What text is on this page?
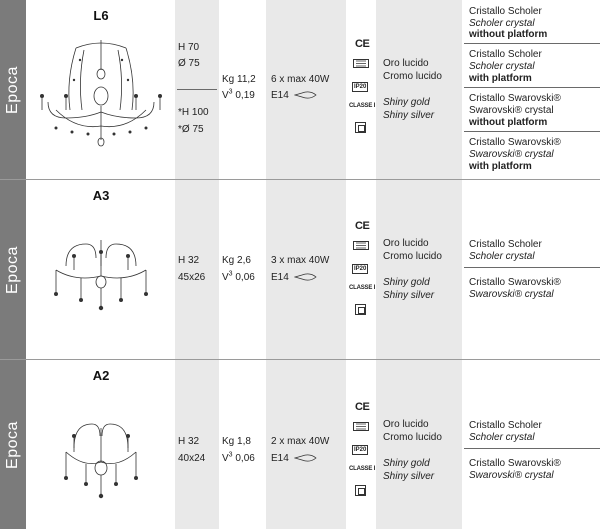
Epoca
L6
H 70
Ø 75
*H 100
*Ø 75
Kg 11,2
$V^3$ 0,19
6 x max 40W
E14
CE
IP20
CLASSE I
Oro lucido
Cromo lucido
Shiny gold
Shiny silver
Cristallo Scholer
Scholer crystal
without platform
Cristallo Scholer
Scholer crystal
with platform
Cristallo Swarovski®
Swarovski® crystal
without platform
Cristallo Swarovski®
Swarovski® crystal
with platform
Epoca
A3
H 32
45x26
Kg 2,6
$V^3$ 0,06
3 x max 40W
E14
CE
IP20
CLASSE I
Oro lucido
Cromo lucido
Shiny gold
Shiny silver
Cristallo Scholer
Scholer crystal
Cristallo Swarovski®
Swarovski® crystal
Epoca
A2
H 32
40x24
Kg 1,8
$V^3$ 0,06
2 x max 40W
E14
CE
IP20
CLASSE I
Oro lucido
Cromo lucido
Shiny gold
Shiny silver
Cristallo Scholer
Scholer crystal
Cristallo Swarovski®
Swarovski® crystal
